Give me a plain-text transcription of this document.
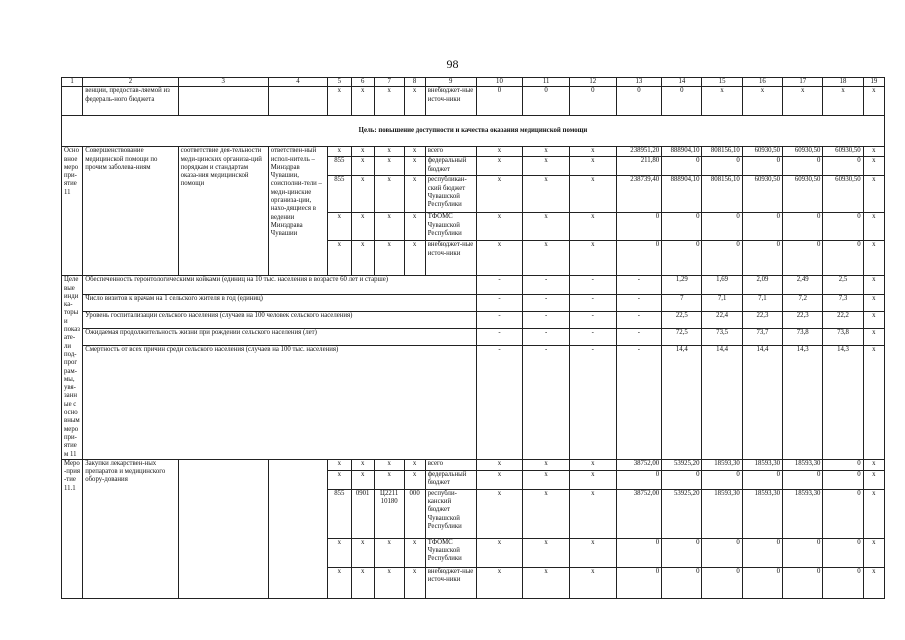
98
1	2	3	4	5	6	7	8	9	10	11	12	13	14	15	16	17	18	19
	венции, предостав-ляемой из федераль-ного бюджета			x	x	x	x	внебюджет-ные источ-ники	0	0	0	0	0	x	x	x	x	x
Цель: повышение доступности и качества оказания медицинской помощи																		
Основное меропри-ятие 11	Совершенствование медицинской помощи по прочим заболева-ниям	соответствие дея-тельности меди-цинских организа-ций порядкам и стандартам оказа-ния медицинской помощи	ответствен-ный испол-нитель – Минздрав Чувашии, соисполни-тели – меди-цинские организа-ции, нахо-дящиеся в ведении Минздрава Чувашии	x	x	x	x	всего	x	x	x	238951,20	888904,10	808156,10	60930,50	60930,50	60930,50	x
				855	x	x	x	федеральный бюджет	x	x	x	211,80	0	0	0	0	0	x
				855	x	x	x	республикан-ский бюджет Чувашской Республики	x	x	x	238739,40	888904,10	808156,10	60930,50	60930,50	60930,50	x
				x	x	x	x	ТФОМС Чувашской Республики	x	x	x	0	0	0	0	0	0	x
				x	x	x	x	внебюджет-ные источ-ники	x	x	x	0	0	0	0	0	0	x
Целевые индика-торы и показате-ли под-програм-мы, увя-занные с основным меропри-ятием 11	Обеспеченность геронтологическими койками (единиц на 10 тыс. населения в возрасте 60 лет и старше)								-	-	-	-	1,29	1,69	2,09	2,49	2,5	x
	Число визитов к врачам на 1 сельского жителя в год (единиц)								-	-	-	-	7	7,1	7,1	7,2	7,3	x
	Уровень госпитализации сельского населения (случаев на 100 человек сельского населения)								-	-	-	-	22,5	22,4	22,3	22,3	22,2	x
	Ожидаемая продолжительность жизни при рождении сельского населения (лет)								-	-	-	-	72,5	73,5	73,7	73,8	73,8	x
	Смертность от всех причин среди сельского населения (случаев на 100 тыс. населения)								-	-	-	-	14,4	14,4	14,4	14,3	14,3	x
Меро-прия-тие 11.1	Закупки лекарствен-ных препаратов и медицинского обору-дования			x	x	x	x	всего	x	x	x	38752,00	53925,20	18593,30	18593,30	18593,30	0	x
				x	x	x	x	федеральный бюджет	x	x	x	0	0	0	0	0	0	x
				855	0901	Ц2211 10180	000	республи-канский бюджет Чувашской Республики	x	x	x	38752,00	53925,20	18593,30	18593,30	18593,30	0	x
				x	x	x	x	ТФОМС Чувашской Республики	x	x	x	0	0	0	0	0	0	x
				x	x	x	x	внебюджет-ные источ-ники	x	x	x	0	0	0	0	0	0	x
